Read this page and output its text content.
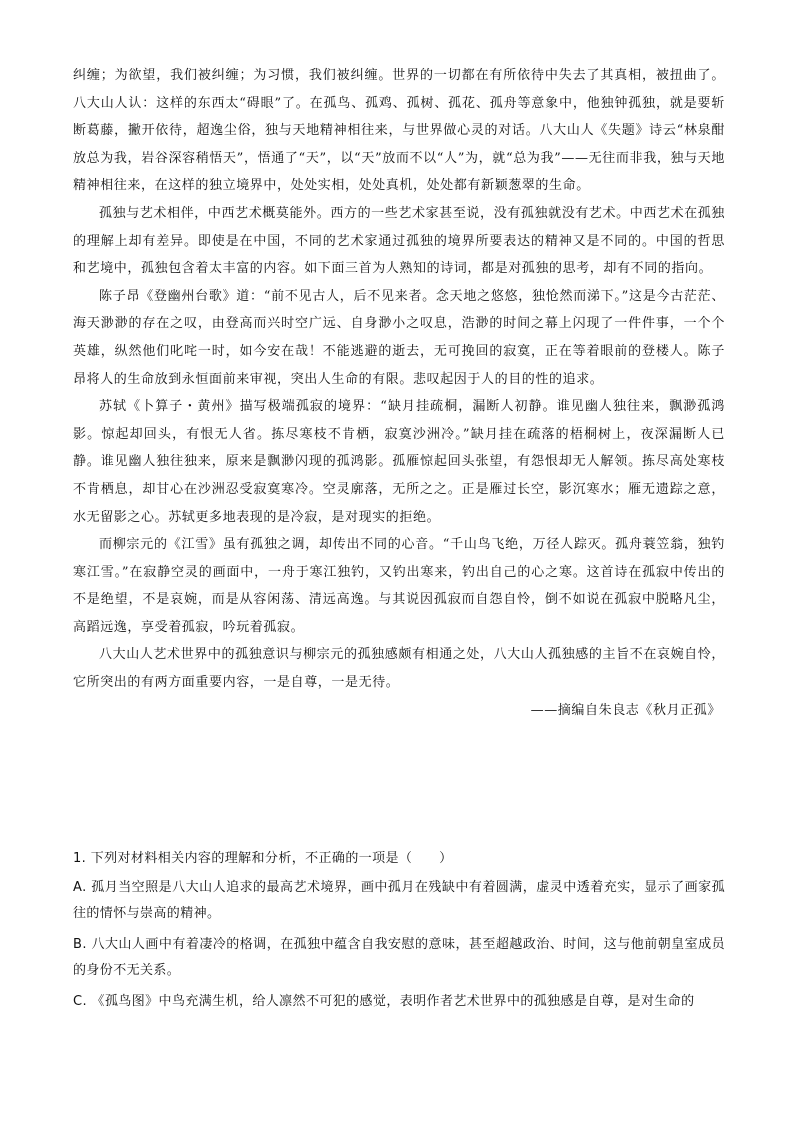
纠缠；为欲望，我们被纠缠；为习惯，我们被纠缠。世界的一切都在有所依待中失去了其真相，被扭曲了。八大山人认：这样的东西太“碍眼”了。在孤鸟、孤鸡、孤树、孤花、孤舟等意象中，他独钟孤独，就是要斩断葛藤，撇开依待，超逸尘俗，独与天地精神相往来，与世界做心灵的对话。八大山人《失题》诗云“林泉酣放总为我，岩谷深容稍悟天”，悟通了“天”，以“天”放而不以“人”为，就“总为我”——无往而非我，独与天地精神相往来，在这样的独立境界中，处处实相，处处真机，处处都有新颖葱翠的生命。

孤独与艺术相伴，中西艺术概莫能外。西方的一些艺术家甚至说，没有孤独就没有艺术。中西艺术在孤独的理解上却有差异。即使是在中国，不同的艺术家通过孤独的境界所要表达的精神又是不同的。中国的哲思和艺境中，孤独包含着太丰富的内容。如下面三首为人熟知的诗词，都是对孤独的思考，却有不同的指向。

陈子昂《登幽州台歌》道：“前不见古人，后不见来者。念天地之悠悠，独怆然而涕下。”这是今古茫茫、海天渺渺的存在之叹，由登高而兴时空广远、自身渺小之叹息，浩渺的时间之幕上闪现了一件件事，一个个英雄，纵然他们叱咤一时，如今安在哉！不能逃避的逝去，无可挽回的寂寞，正在等着眼前的登楼人。陈子昂将人的生命放到永恒面前来审视，突出人生命的有限。悲叹起因于人的目的性的追求。

苏轼《卜算子・黄州》描写极端孤寂的境界：“缺月挂疏桐，漏断人初静。谁见幽人独往来，飘渺孤鸿影。惊起却回头，有恨无人省。拣尽寒枝不肯栖，寂寞沙洲冷。”缺月挂在疏落的梧桐树上，夜深漏断人已静。谁见幽人独往独来，原来是飘渺闪现的孤鸿影。孤雁惊起回头张望，有怨恨却无人解领。拣尽高处寒枝不肯栖息，却甘心在沙洲忍受寂寞寒冷。空灵廓落，无所之之。正是雁过长空，影沉寒水；雁无遗踪之意，水无留影之心。苏轼更多地表现的是冷寂，是对现实的拒绝。

而柳宗元的《江雪》虽有孤独之调，却传出不同的心音。“千山鸟飞绝，万径人踪灭。孤舟蓑笠翁，独钓寒江雪。”在寂静空灵的画面中，一舟于寒江独钓，又钓出寒来，钓出自己的心之寒。这首诗在孤寂中传出的不是绝望，不是哀婉，而是从容闲荡、清远高逸。与其说因孤寂而自怨自怜，倒不如说在孤寂中脱略凡尘，高蹈远逸，享受着孤寂，吟玩着孤寂。

八大山人艺术世界中的孤独意识与柳宗元的孤独感颇有相通之处，八大山人孤独感的主旨不在哀婉自怜，它所突出的有两方面重要内容，一是自尊，一是无待。

——摘编自朱良志《秋月正孤》

1. 下列对材料相关内容的理解和分析，不正确的一项是（　　）

A. 孤月当空照是八大山人追求的最高艺术境界，画中孤月在残缺中有着圆满，虚灵中透着充实，显示了画家孤往的情怀与崇高的精神。

B. 八大山人画中有着凄冷的格调，在孤独中蕴含自我安慰的意味，甚至超越政治、时间，这与他前朝皇室成员的身份不无关系。

C. 《孤鸟图》中鸟充满生机，给人凛然不可犯的感觉，表明作者艺术世界中的孤独感是自尊，是对生命的
